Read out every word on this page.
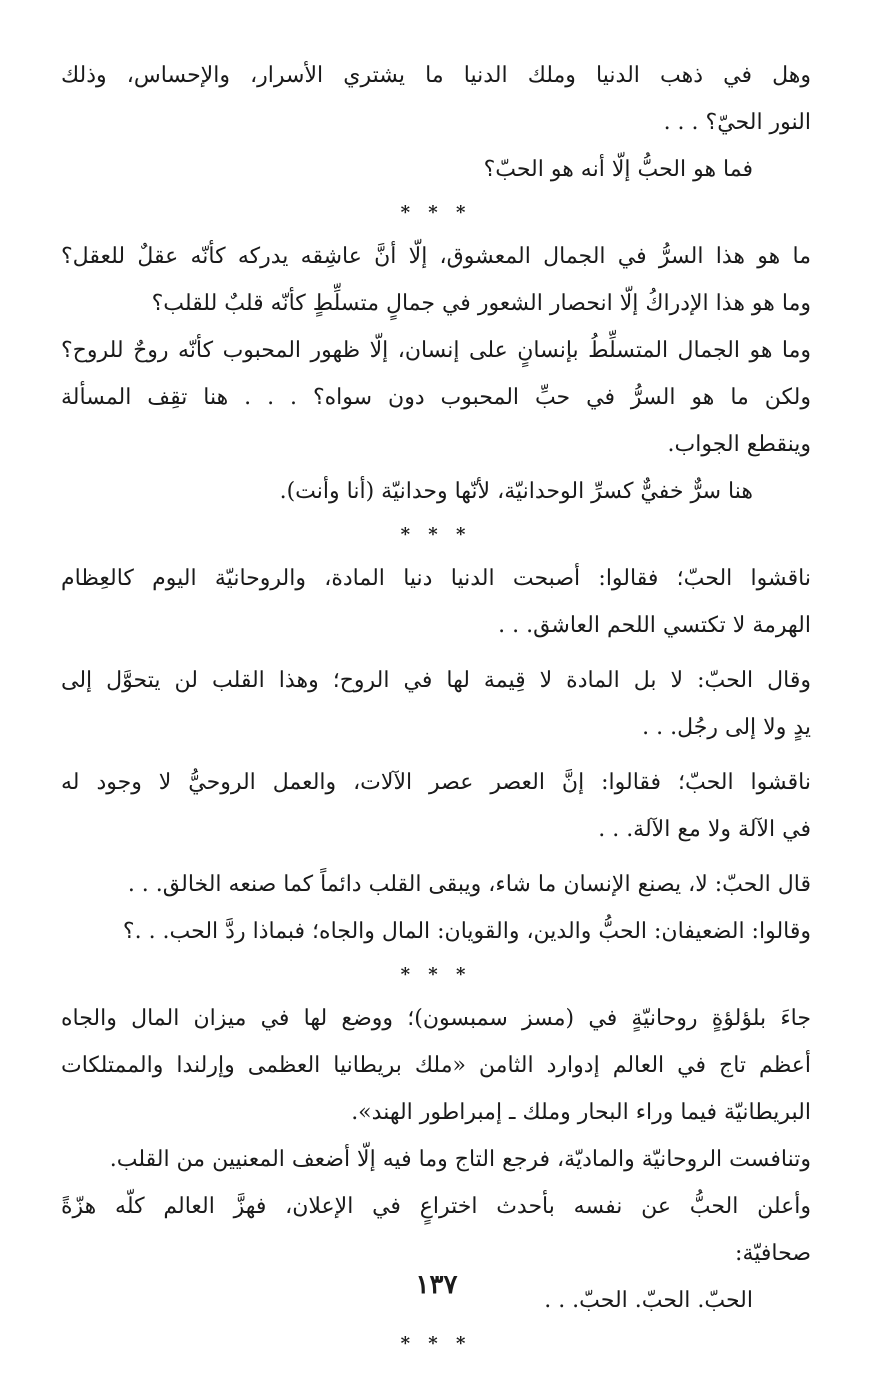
وهل في ذهب الدنيا وملك الدنيا ما يشتري الأسرار، والإحساس، وذلك
النور الحيّ؟ . . .
فما هو الحبُّ إلّا أنه هو الحبّ؟
* * *
ما هو هذا السرُّ في الجمال المعشوق، إلّا أنَّ عاشِقه يدركه كأنّه عقلٌ للعقل؟
وما هو هذا الإدراكُ إلّا انحصار الشعور في جمالٍ متسلِّطٍ كأنّه قلبٌ للقلب؟
وما هو الجمال المتسلِّطُ بإنسانٍ على إنسان، إلّا ظهور المحبوب كأنّه روحٌ للروح؟
ولكن ما هو السرُّ في حبِّ المحبوب دون سواه؟ . . . هنا تقِف المسألة
وينقطع الجواب.
هنا سرٌّ خفيٌّ كسرِّ الوحدانيّة، لأنّها وحدانيّة (أنا وأنت).
* * *
ناقشوا الحبّ؛ فقالوا: أصبحت الدنيا دنيا المادة، والروحانيّة اليوم كالعِظام
الهرمة لا تكتسي اللحم العاشق. . .
وقال الحبّ: لا بل المادة لا قِيمة لها في الروح؛ وهذا القلب لن يتحوَّل إلى
يدٍ ولا إلى رجُل. . .
ناقشوا الحبّ؛ فقالوا: إنَّ العصر عصر الآلات، والعمل الروحيُّ لا وجود له
في الآلة ولا مع الآلة. . .
قال الحبّ: لا، يصنع الإنسان ما شاء، ويبقى القلب دائماً كما صنعه الخالق. . .
وقالوا: الضعيفان: الحبُّ والدين، والقويان: المال والجاه؛ فبماذا ردَّ الحب. . .؟
* * *
جاءَ بلؤلؤةٍ روحانيّةٍ في (مسز سمبسون)؛ ووضع لها في ميزان المال والجاه
أعظم تاج في العالم إدوارد الثامن «ملك بريطانيا العظمى وإرلندا والممتلكات
البريطانيّة فيما وراء البحار وملك ـ إمبراطور الهند».
وتنافست الروحانيّة والماديّة، فرجع التاج وما فيه إلّا أضعف المعنيين من القلب.
وأعلن الحبُّ عن نفسه بأحدث اختراعٍ في الإعلان، فهزَّ العالم كلّه هزّةً
صحافيّة:
الحبّ. الحبّ. الحبّ. . .
* * *
١٣٧
